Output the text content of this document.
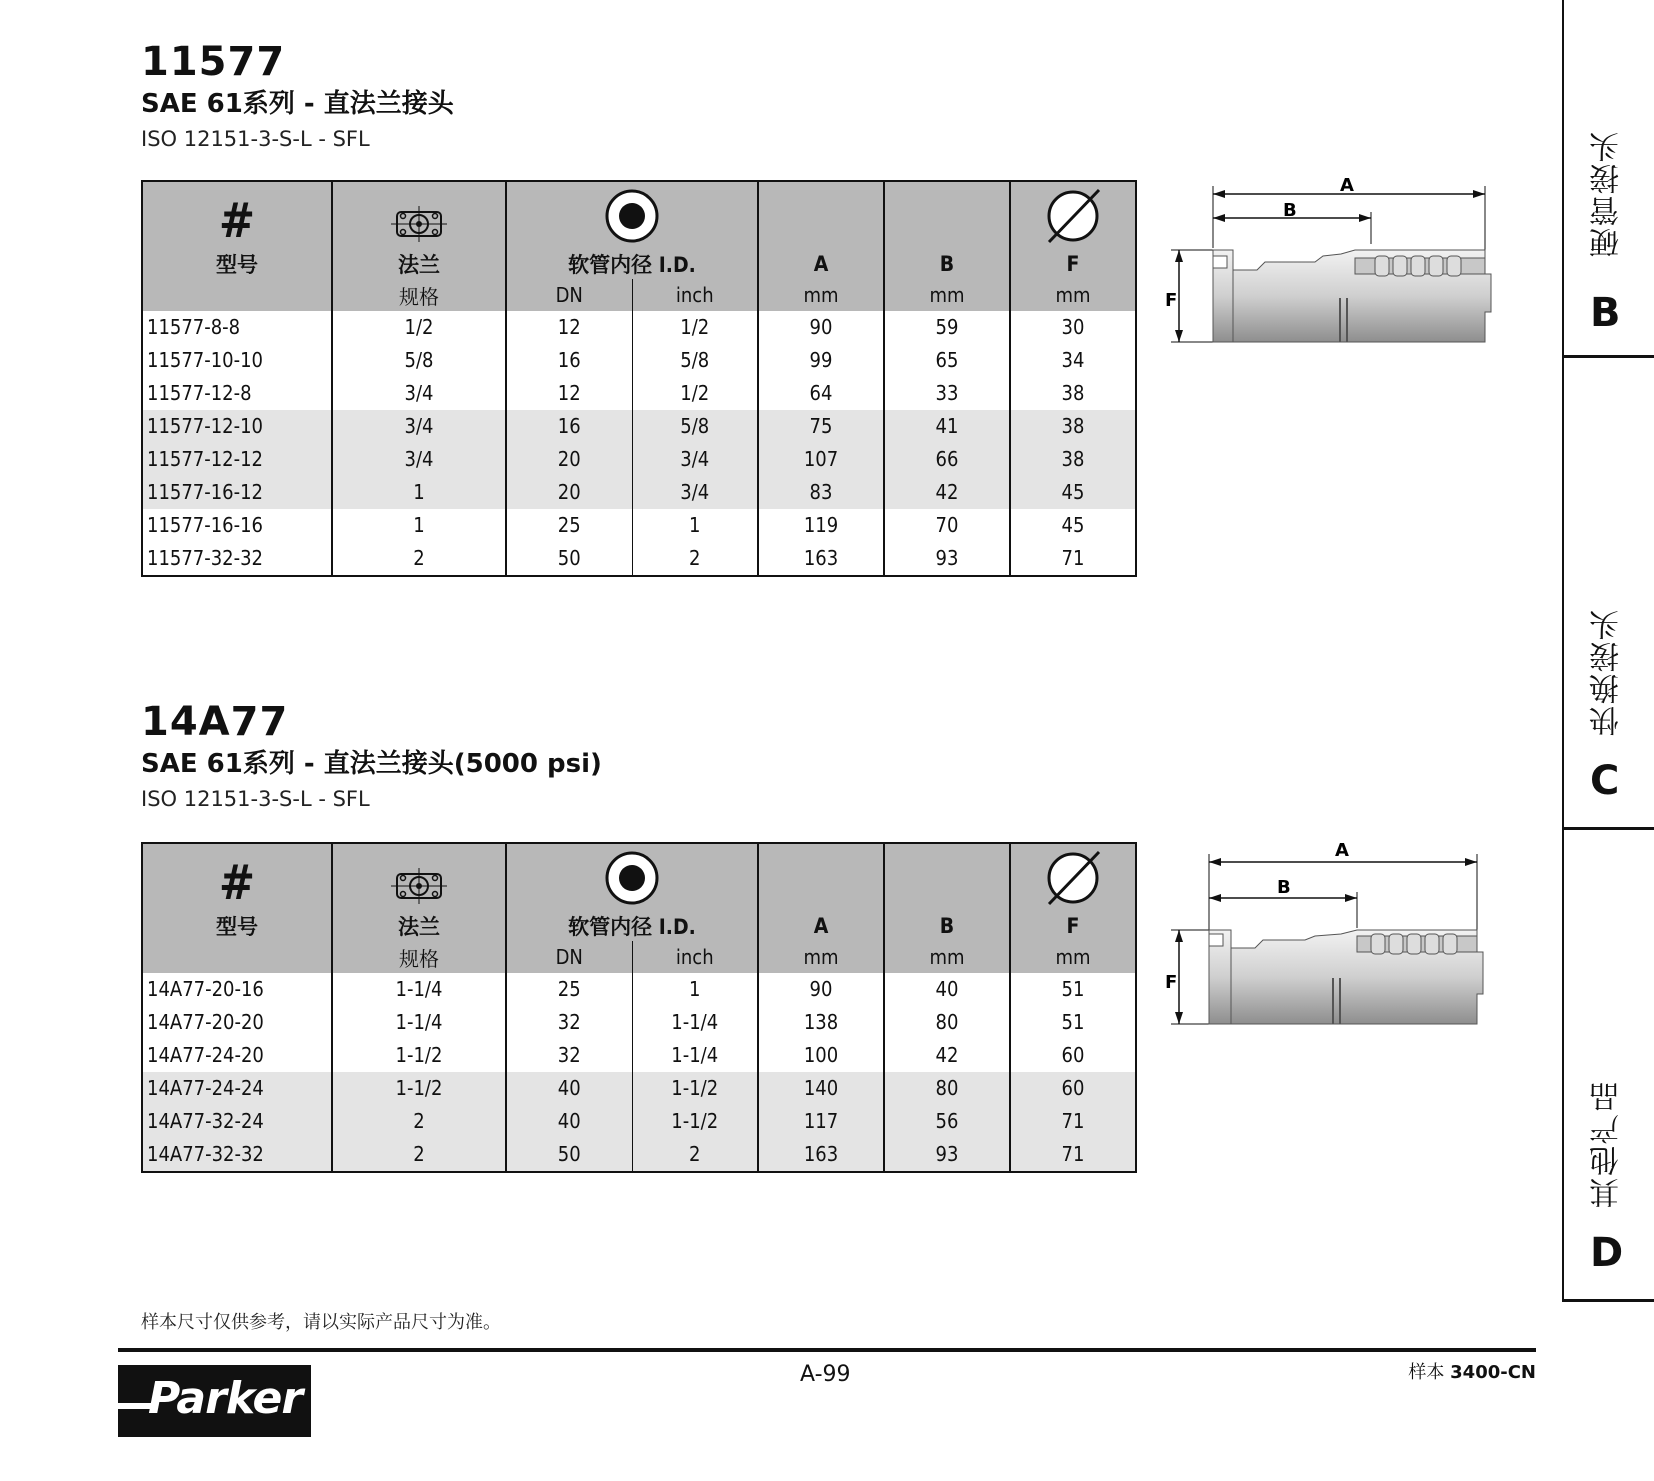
11577
SAE 61系列 - 直法兰接头
ISO 12151-3-S-L - SFL
#					
型号	法兰	软管内径 I.D.		A	B	F
	规格	DN	inch	mm	mm	mm
11577-8-8	1/2	12	1/2	90	59	30
11577-10-10	5/8	16	5/8	99	65	34
11577-12-8	3/4	12	1/2	64	33	38
11577-12-10	3/4	16	5/8	75	41	38
11577-12-12	3/4	20	3/4	107	66	38
11577-16-12	1	20	3/4	83	42	45
11577-16-16	1	25	1	119	70	45
11577-32-32	2	50	2	163	93	71
A
B
F
14A77
SAE 61系列 - 直法兰接头(5000 psi)
ISO 12151-3-S-L - SFL
#					
型号	法兰	软管内径 I.D.		A	B	F
	规格	DN	inch	mm	mm	mm
14A77-20-16	1-1/4	25	1	90	40	51
14A77-20-20	1-1/4	32	1-1/4	138	80	51
14A77-24-20	1-1/2	32	1-1/4	100	42	60
14A77-24-24	1-1/2	40	1-1/2	140	80	60
14A77-32-24	2	40	1-1/2	117	56	71
14A77-32-32	2	50	2	163	93	71
A
B
F
硬管接头
B
快换接头
C
其他产品
D
样本尺寸仅供参考，请以实际产品尺寸为准。
A-99	样本 3400-CN
Parker
